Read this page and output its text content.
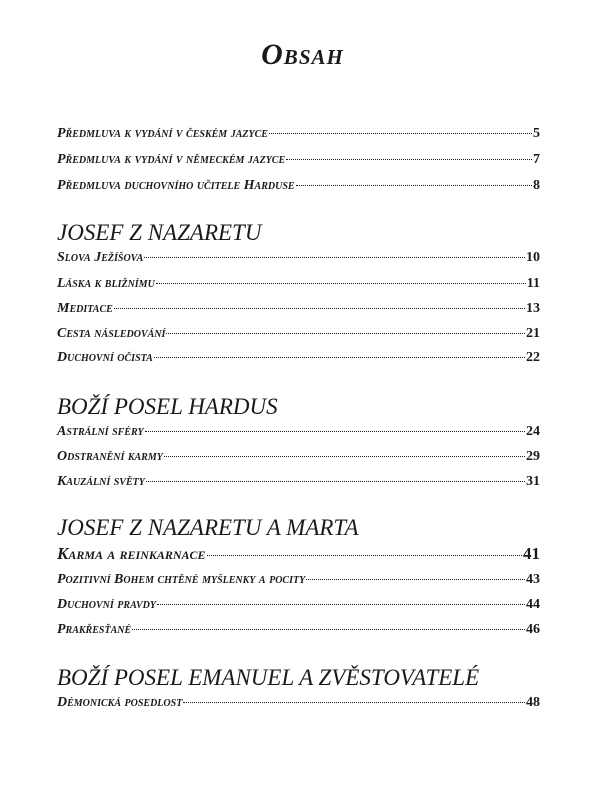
Obsah
Předmluva k vydání v českém jazyce	5
Předmluva k vydání v německém jazyce	7
Předmluva duchovního učitele Harduse	8
JOSEF Z NAZARETU
Slova Ježíšova	10
Láska k bližnímu	11
Meditace	13
Cesta následování	21
Duchovní očista	22
BOŽÍ POSEL HARDUS
Astrální sféry	24
Odstranění karmy	29
Kauzální světy	31
JOSEF Z NAZARETU A MARTA
Karma a reinkarnace	41
Pozitivní Bohem chtěné myšlenky a pocity	43
Duchovní pravdy	44
Prakřesťané	46
BOŽÍ POSEL EMANUEL A ZVĚSTOVATELÉ
Démonická posedlost	48
